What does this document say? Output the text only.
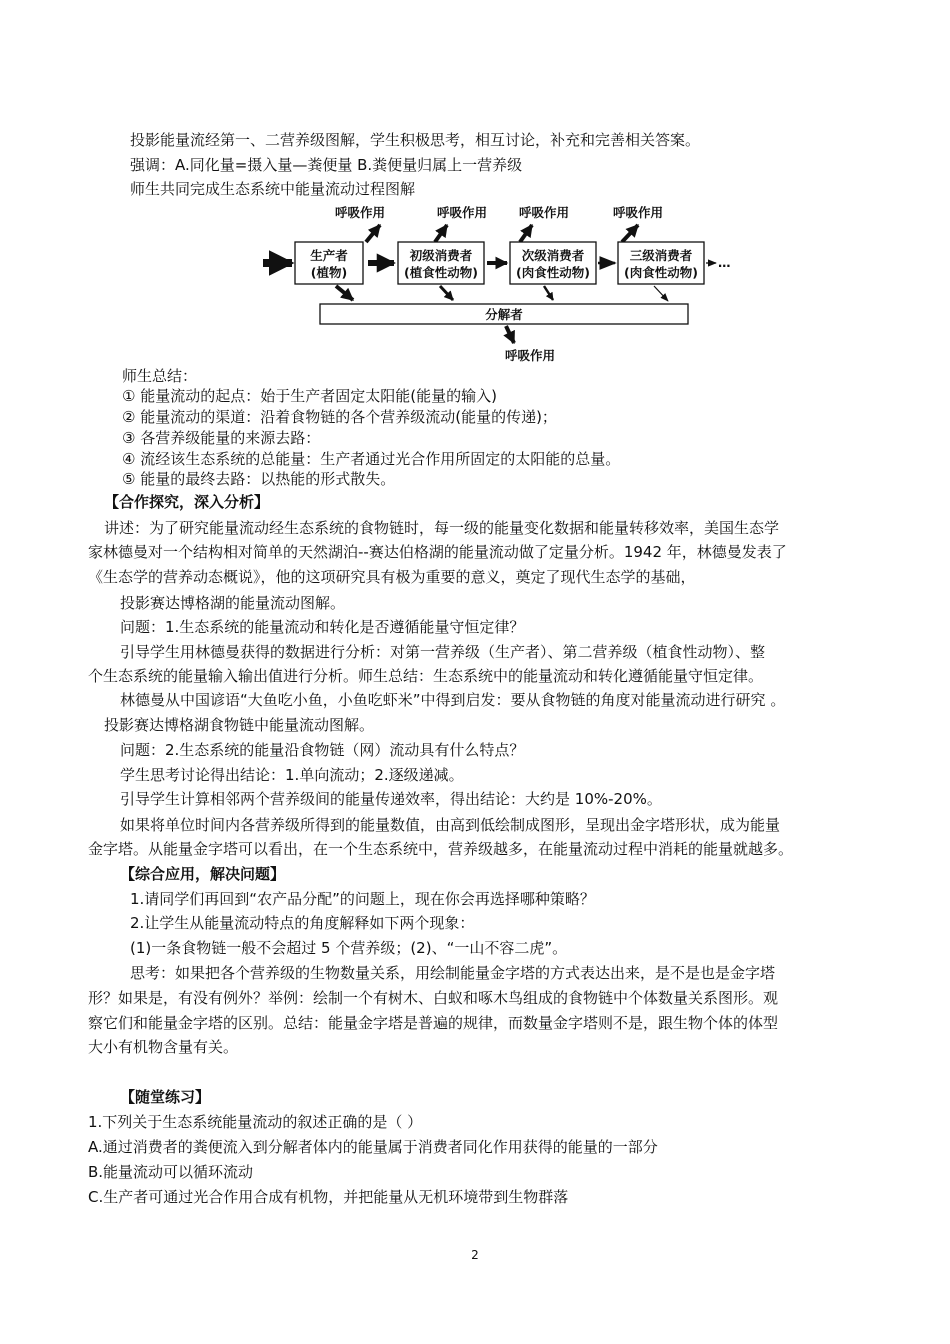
投影能量流经第一、二营养级图解，学生积极思考，相互讨论，补充和完善相关答案。
强调：A.同化量=摄入量—粪便量 B.粪便量归属上一营养级
师生共同完成生态系统中能量流动过程图解
呼吸作用	呼吸作用	呼吸作用	呼吸作用
生产者
(植物)
初级消费者
(植食性动物)
次级消费者
(肉食性动物)
三级消费者
(肉食性动物)
…
分解者
呼吸作用
师生总结：
① 能量流动的起点：始于生产者固定太阳能(能量的输入)
② 能量流动的渠道：沿着食物链的各个营养级流动(能量的传递)；
③ 各营养级能量的来源去路：
④ 流经该生态系统的总能量：生产者通过光合作用所固定的太阳能的总量。
⑤ 能量的最终去路：以热能的形式散失。
【合作探究，深入分析】
讲述：为了研究能量流动经生态系统的食物链时，每一级的能量变化数据和能量转移效率，美国生态学
家林德曼对一个结构相对简单的天然湖泊--赛达伯格湖的能量流动做了定量分析。1942 年，林德曼发表了
《生态学的营养动态概说》，他的这项研究具有极为重要的意义，奠定了现代生态学的基础，
投影赛达博格湖的能量流动图解。
问题：1.生态系统的能量流动和转化是否遵循能量守恒定律？
引导学生用林德曼获得的数据进行分析：对第一营养级（生产者）、第二营养级（植食性动物）、整
个生态系统的能量输入输出值进行分析。师生总结：生态系统中的能量流动和转化遵循能量守恒定律。
林德曼从中国谚语“大鱼吃小鱼，小鱼吃虾米”中得到启发：要从食物链的角度对能量流动进行研究 。
投影赛达博格湖食物链中能量流动图解。
问题：2.生态系统的能量沿食物链（网）流动具有什么特点？
学生思考讨论得出结论：1.单向流动；2.逐级递减。
引导学生计算相邻两个营养级间的能量传递效率，得出结论：大约是 10%-20%。
如果将单位时间内各营养级所得到的能量数值，由高到低绘制成图形，呈现出金字塔形状，成为能量
金字塔。从能量金字塔可以看出，在一个生态系统中，营养级越多，在能量流动过程中消耗的能量就越多。
【综合应用，解决问题】
1.请同学们再回到“农产品分配”的问题上，现在你会再选择哪种策略？
2.让学生从能量流动特点的角度解释如下两个现象：
(1)一条食物链一般不会超过 5 个营养级；(2)、“一山不容二虎”。
思考：如果把各个营养级的生物数量关系，用绘制能量金字塔的方式表达出来，是不是也是金字塔
形？如果是，有没有例外？举例：绘制一个有树木、白蚁和啄木鸟组成的食物链中个体数量关系图形。观
察它们和能量金字塔的区别。总结：能量金字塔是普遍的规律，而数量金字塔则不是，跟生物个体的体型
大小有机物含量有关。
【随堂练习】
1.下列关于生态系统能量流动的叙述正确的是（ ）
A.通过消费者的粪便流入到分解者体内的能量属于消费者同化作用获得的能量的一部分
B.能量流动可以循环流动
C.生产者可通过光合作用合成有机物，并把能量从无机环境带到生物群落
2
